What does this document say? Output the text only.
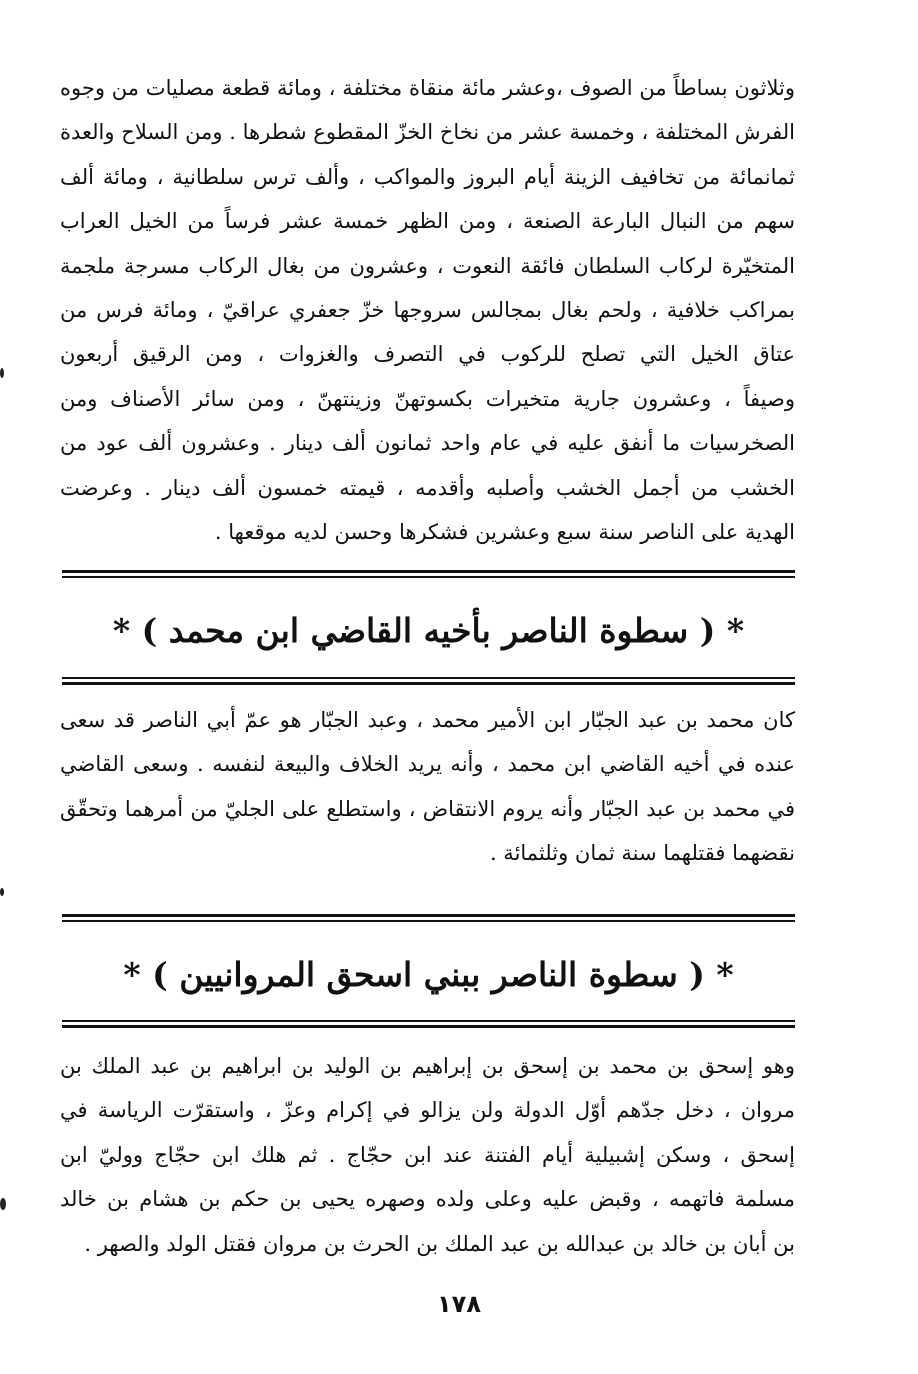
وثلاثون بساطاً من الصوف ،وعشر مائة منقاة مختلفة ، ومائة قطعة مصليات من وجوه
الفرش المختلفة ، وخمسة عشر من نخاخ الخزّ المقطوع شطرها . ومن السلاح والعدة
ثمانمائة من تخافيف الزينة أيام البروز والمواكب ، وألف ترس سلطانية ، ومائة ألف
سهم من النبال البارعة الصنعة ، ومن الظهر خمسة عشر فرساً من الخيل العراب
المتخيّرة لركاب السلطان فائقة النعوت ، وعشرون من بغال الركاب مسرجة ملجمة
بمراكب خلافية ، ولحم بغال بمجالس سروجها خزّ جعفري عراقيّ ، ومائة فرس من
عتاق الخيل التي تصلح للركوب في التصرف والغزوات ، ومن الرقيق أربعون
وصيفاً ، وعشرون جارية متخيرات بكسوتهنّ وزينتهنّ ، ومن سائر الأصناف ومن
الصخرسيات ما أنفق عليه في عام واحد ثمانون ألف دينار . وعشرون ألف عود من
الخشب من أجمل الخشب وأصلبه وأقدمه ، قيمته خمسون ألف دينار . وعرضت
الهدية على الناصر سنة سبع وعشرين فشكرها وحسن لديه موقعها .
* ( سطوة الناصر بأخيه القاضي ابن محمد ) *
كان محمد بن عبد الجبّار ابن الأمير محمد ، وعبد الجبّار هو عمّ أبي الناصر قد سعى
عنده في أخيه القاضي ابن محمد ، وأنه يريد الخلاف والبيعة لنفسه . وسعى القاضي
في محمد بن عبد الجبّار وأنه يروم الانتقاض ، واستطلع على الجليّ من أمرهما وتحقّق
نقضهما فقتلهما سنة ثمان وثلثمائة .
* ( سطوة الناصر ببني اسحق المروانيين ) *
وهو إسحق بن محمد بن إسحق بن إبراهيم بن الوليد بن ابراهيم بن عبد الملك بن
مروان ، دخل جدّهم أوّل الدولة ولن يزالو في إكرام وعزّ ، واستقرّت الرياسة في
إسحق ، وسكن إشبيلية أيام الفتنة عند ابن حجّاج . ثم هلك ابن حجّاج ووليّ ابن
مسلمة فاتهمه ، وقبض عليه وعلى ولده وصهره يحيى بن حكم بن هشام بن خالد
بن أبان بن خالد بن عبدالله بن عبد الملك بن الحرث بن مروان فقتل الولد والصهر .
١٧٨
